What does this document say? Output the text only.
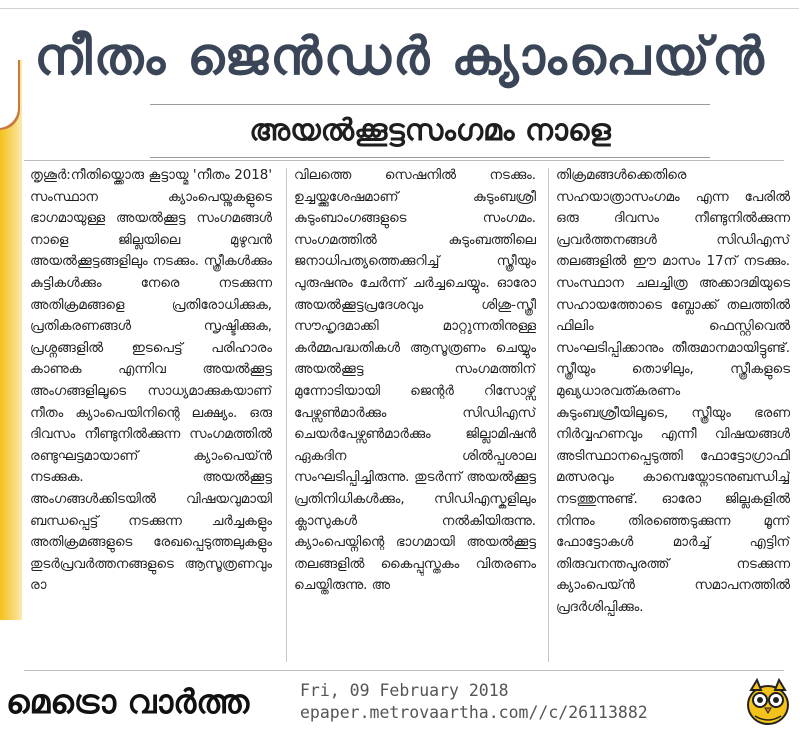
നീതം ജെൻഡർ ക്യാംപെയ്ൻ
അയൽക്കൂട്ടസംഗമം നാളെ

തൃശൂർ:നീതിയ്ക്കൊരു കൂട്ടായ്മ 'നീതം 2018' സംസ്ഥാന ക്യാംപെയ്നുകളുടെ ഭാഗമായുള്ള അയൽക്കൂട്ട സംഗമങ്ങൾ നാളെ ജില്ലയിലെ മുഴുവൻ അയൽക്കൂട്ടങ്ങളിലും നടക്കും. സ്ത്രീകൾക്കും കുട്ടികൾക്കും നേരെ നടക്കുന്ന അതിക്രമങ്ങളെ പ്രതിരോധിക്കുക, പ്രതികരണങ്ങൾ സൃഷ്ടിക്കുക, പ്രശ്നങ്ങളിൽ ഇടപെട്ട് പരിഹാരം കാണുക എന്നിവ അയൽക്കൂട്ട അംഗങ്ങളിലൂടെ സാധ്യമാക്കുകയാണ് നീതം ക്യാംപെയിനിന്റെ ലക്ഷ്യം. ഒരു ദിവസം നീണ്ടുനിൽക്കുന്ന സംഗമത്തിൽ രണ്ടുഘട്ടമായാണ് ക്യാംപെയ്ൻ നടക്കുക. അയൽക്കൂട്ട അംഗങ്ങൾക്കിടയിൽ വിഷയവുമായി ബന്ധപ്പെട്ട് നടക്കുന്ന ചർച്ചകളും അതിക്രമങ്ങളുടെ രേഖപ്പെടുത്തലുകളും തുടർപ്രവർത്തനങ്ങളുടെ ആസൂത്രണവും രാ

വിലത്തെ സെഷനിൽ നടക്കും. ഉച്ചയ്ക്കുശേഷമാണ് കുടുംബശ്രീ കുടുംബാംഗങ്ങളുടെ സംഗമം. സംഗമത്തിൽ കുടുംബത്തിലെ ജനാധിപത്യത്തെക്കുറിച്ച് സ്ത്രീയും പുരുഷനും ചേർന്ന് ചർച്ചചെയ്യും. ഓരോ അയൽക്കൂട്ടപ്രദേശവും ശിശു-സ്ത്രീ സൗഹൃദമാക്കി മാറ്റുന്നതിനുള്ള കർമ്മപദ്ധതികൾ ആസൂത്രണം ചെയ്യും അയൽക്കൂട്ട സംഗമത്തിന് മുന്നോടിയായി ജെന്റർ റിസോഴ്സ് പേഴ്സൺമാർക്കും സിഡിഎസ് ചെയർപേഴ്സൺമാർക്കും ജില്ലാമിഷൻ ഏകദിന ശിൽപ്പശാല സംഘടിപ്പിച്ചിരുന്നു. തുടർന്ന് അയൽക്കൂട്ട പ്രതിനിധികൾക്കും, സിഡിഎസ്കളിലും ക്ലാസുകൾ നൽകിയിരുന്നു. ക്യാംപെയ്നിന്റെ ഭാഗമായി അയൽക്കൂട്ട തലങ്ങളിൽ കൈപ്പുസ്തകം വിതരണം ചെയ്തിരുന്നു. അ

തിക്രമങ്ങൾക്കെതിരെ സഹയാത്രാസംഗമം എന്ന പേരിൽ ഒരു ദിവസം നീണ്ടുനിൽക്കുന്ന പ്രവർത്തനങ്ങൾ സിഡിഎസ് തലങ്ങളിൽ ഈ മാസം 17ന് നടക്കും. സംസ്ഥാന ചലച്ചിത്ര അക്കാദമിയുടെ സഹായത്തോടെ ബ്ലോക്ക് തലത്തിൽ ഫിലിം ഫെസ്റ്റിവെൽ സംഘടിപ്പിക്കാനും തീരുമാനമായിട്ടുണ്ട്. സ്ത്രീയും തൊഴിലും, സ്ത്രീകളുടെ മുഖ്യധാരവത്കരണം കുടുംബശ്രീയിലൂടെ, സ്ത്രീയും ഭരണ നിർവ്വഹണവും എന്നീ വിഷയങ്ങൾ അടിസ്ഥാനപ്പെടുത്തി ഫോട്ടോഗ്രാഫി മത്സരവും കാമ്പെയ്നോടനുബന്ധിച്ച് നടത്തുന്നുണ്ട്. ഓരോ ജില്ലകളിൽ നിന്നും തിരഞ്ഞെടുക്കുന്ന മൂന്ന് ഫോട്ടോകൾ മാർച്ച് എട്ടിന് തിരുവനന്തപുരത്ത് നടക്കുന്ന ക്യാംപെയ്ൻ സമാപനത്തിൽ പ്രദർശിപ്പിക്കും.

മെട്രൊ വാർത്ത	Fri, 09 February 2018
epaper.metrovaartha.com//c/26113882
